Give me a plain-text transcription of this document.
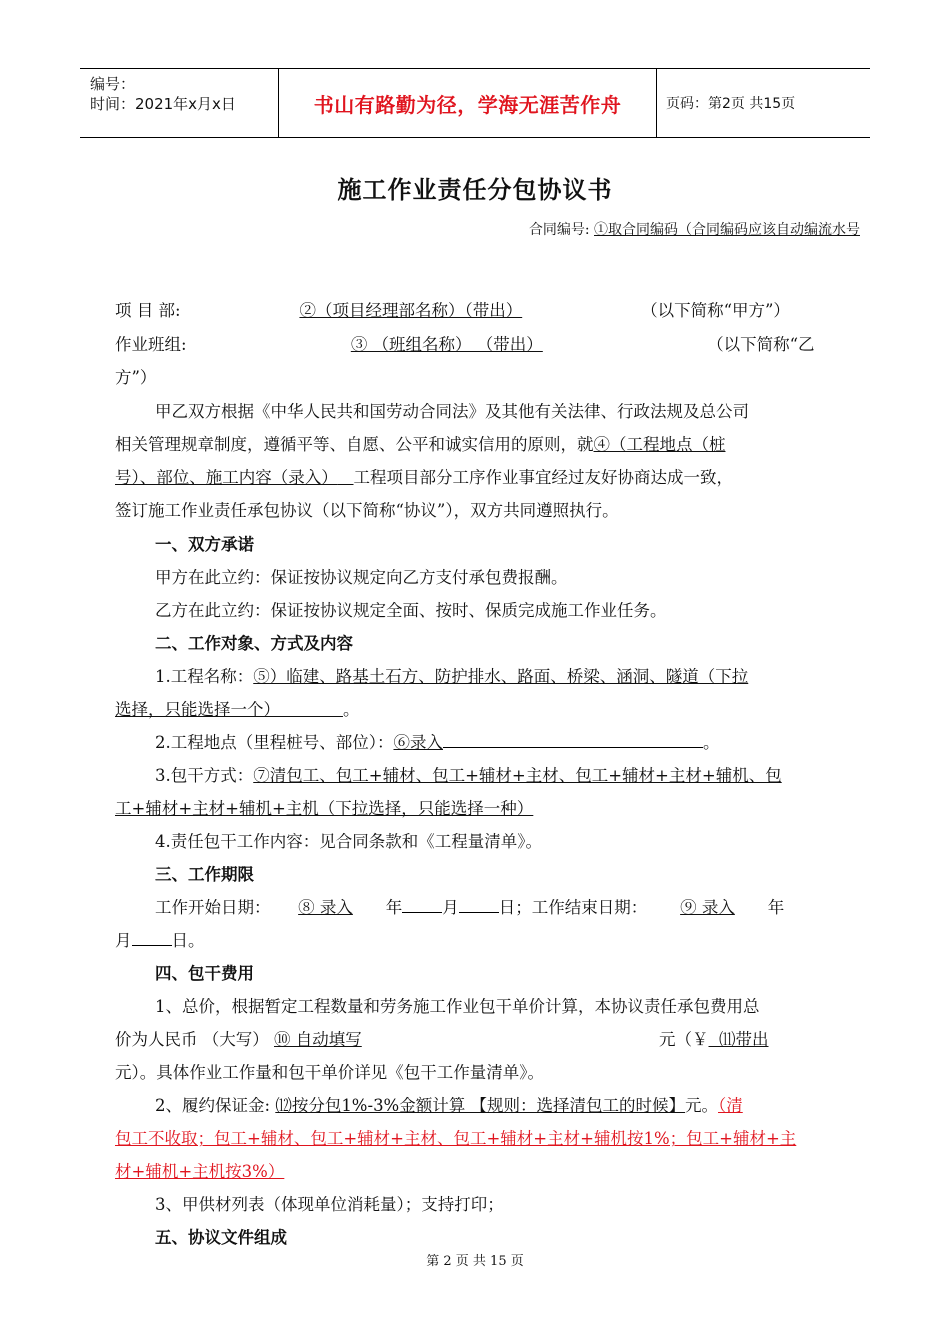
编号：
时间：2021年x月x日	书山有路勤为径，学海无涯苦作舟	页码：第2页 共15页
施工作业责任分包协议书
合同编号: ①取合同编码（合同编码应该自动编流水号
项 目 部:	②（项目经理部名称）（带出）	（以下简称“甲方”）
作业班组:	③ （班组名称） （带出）	（以下简称“乙
方”）
甲乙双方根据《中华人民共和国劳动合同法》及其他有关法律、行政法规及总公司
相关管理规章制度，遵循平等、自愿、公平和诚实信用的原则，就④（工程地点（桩
号）、部位、施工内容（录入） 工程项目部分工序作业事宜经过友好协商达成一致，
签订施工作业责任承包协议（以下简称“协议”），双方共同遵照执行。
一、双方承诺
甲方在此立约：保证按协议规定向乙方支付承包费报酬。
乙方在此立约：保证按协议规定全面、按时、保质完成施工作业任务。
二、工作对象、方式及内容
1.工程名称：⑤）临建、路基土石方、防护排水、路面、桥梁、涵洞、隧道（下拉
选择，只能选择一个）	。
2.工程地点（里程桩号、部位）：⑥录入	。
3.包干方式：⑦清包工、包工+辅材、包工+辅材+主材、包工+辅材+主材+辅机、包
工+辅材+主材+辅机+主机（下拉选择，只能选择一种）
4.责任包干工作内容：见合同条款和《工程量清单》。
三、工作期限
工作开始日期： ⑧ 录入 年 月 日；工作结束日期： ⑨ 录入 年
月 日。
四、包干费用
1、总价，根据暂定工程数量和劳务施工作业包干单价计算，本协议责任承包费用总
价为人民币 （大写） ⑩ 自动填写	元（￥ ⑾带出
元）。具体作业工作量和包干单价详见《包干工作量清单》。
2、履约保证金: ⑿按分包1%-3%金额计算 【规则：选择清包工的时候】元。（清
包工不收取；包工+辅材、包工+辅材+主材、包工+辅材+主材+辅机按1%；包工+辅材+主
材+辅机+主机按3%）
3、甲供材列表（体现单位消耗量）；支持打印；
五、协议文件组成
第 2 页 共 15 页
